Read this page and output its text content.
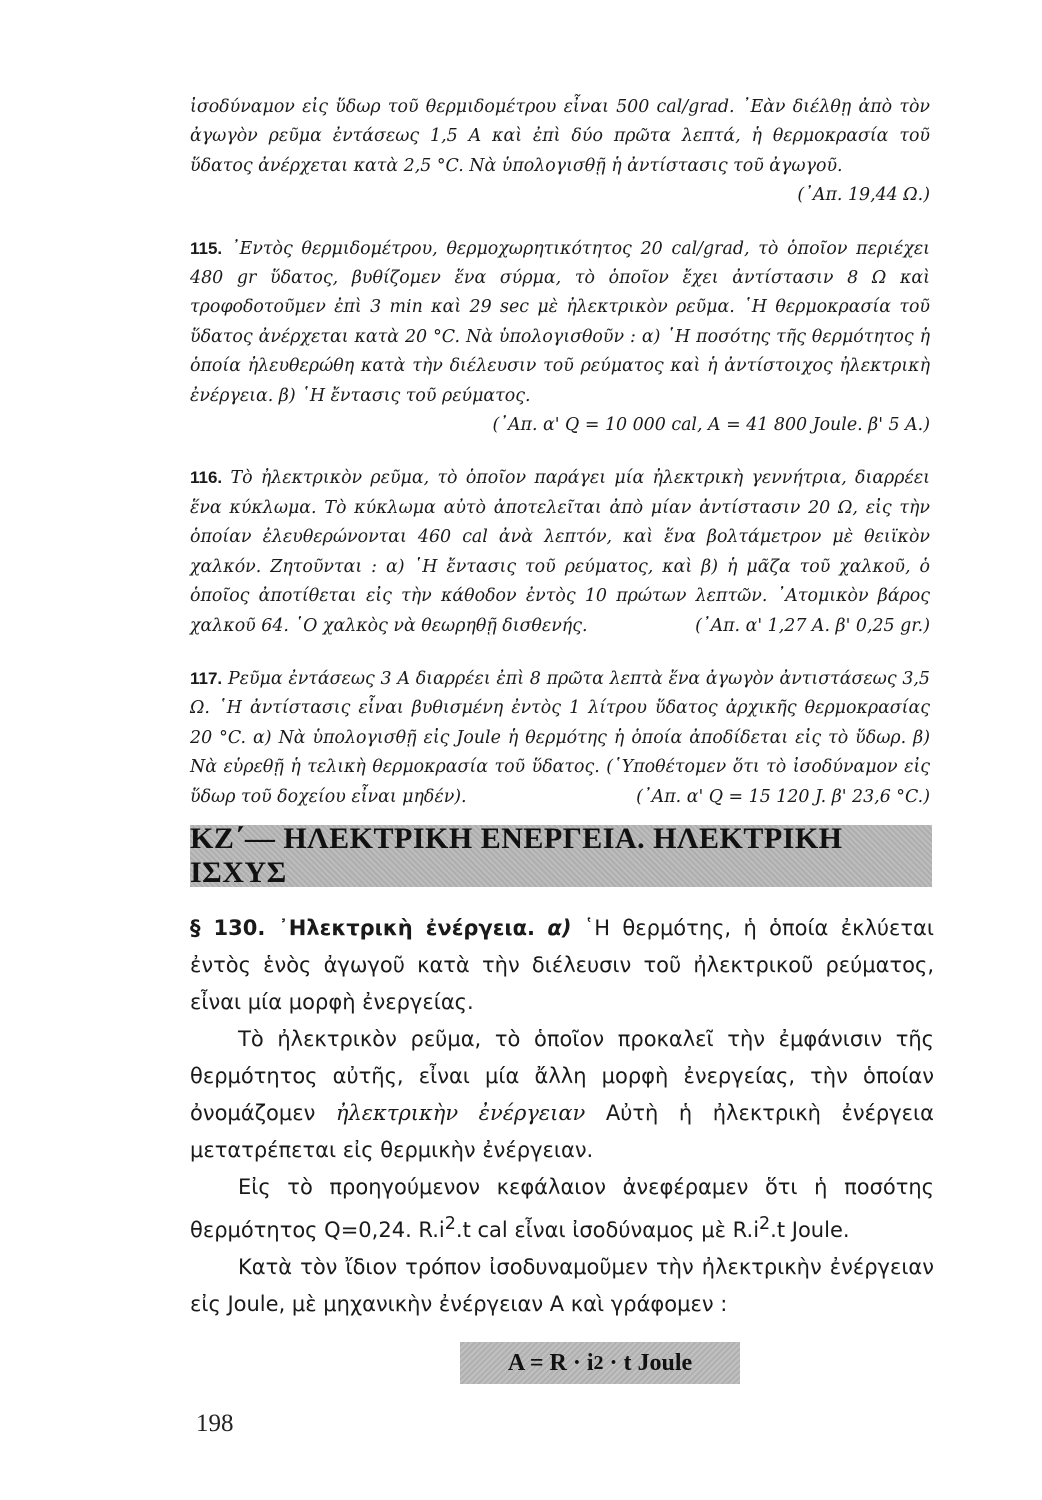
ἰσοδύναμον εἰς ὕδωρ τοῦ θερμιδομέτρου εἶναι 500 cal/grad. ᾿Εὰν διέλθῃ ἀπὸ τὸν ἀγωγὸν ρεῦμα ἐντάσεως 1,5 A καὶ ἐπὶ δύο πρῶτα λεπτά, ἡ θερμοκρασία τοῦ ὕδατος ἀνέρχεται κατὰ 2,5 °C. Νὰ ὑπολογισθῇ ἡ ἀντίστασις τοῦ ἀγωγοῦ.
(᾿Απ. 19,44 Ω.)

115. ᾿Εντὸς θερμιδομέτρου, θερμοχωρητικότητος 20 cal/grad, τὸ ὁποῖον περιέχει 480 gr ὕδατος, βυθίζομεν ἕνα σύρμα, τὸ ὁποῖον ἔχει ἀντίστασιν 8 Ω καὶ τροφοδοτοῦμεν ἐπὶ 3 min καὶ 29 sec μὲ ἠλεκτρικὸν ρεῦμα. ῾Η θερμοκρασία τοῦ ὕδατος ἀνέρχεται κατὰ 20 °C. Νὰ ὑπολογισθοῦν : α) ῾Η ποσότης τῆς θερμότητος ἡ ὁποία ἠλευθερώθη κατὰ τὴν διέλευσιν τοῦ ρεύματος καὶ ἡ ἀντίστοιχος ἠλεκτρικὴ ἐνέργεια. β) ῾Η ἔντασις τοῦ ρεύματος.
(᾿Απ. α' Q = 10 000 cal, A = 41 800 Joule. β' 5 A.)

116. Τὸ ἠλεκτρικὸν ρεῦμα, τὸ ὁποῖον παράγει μία ἠλεκτρικὴ γεννήτρια, διαρρέει ἕνα κύκλωμα. Τὸ κύκλωμα αὐτὸ ἀποτελεῖται ἀπὸ μίαν ἀντίστασιν 20 Ω, εἰς τὴν ὁποίαν ἐλευθερώνονται 460 cal ἀνὰ λεπτόν, καὶ ἕνα βολτάμετρον μὲ θειϊκὸν χαλκόν. Ζητοῦνται : α) ῾Η ἔντασις τοῦ ρεύματος, καὶ β) ἡ μᾶζα τοῦ χαλκοῦ, ὁ ὁποῖος ἀποτίθεται εἰς τὴν κάθοδον ἐντὸς 10 πρώτων λεπτῶν. ᾿Ατομικὸν βάρος χαλκοῦ 64. ῾Ο χαλκὸς νὰ θεωρηθῇ δισθενής.	(᾿Απ. α' 1,27 A. β' 0,25 gr.)

117. Ρεῦμα ἐντάσεως 3 A διαρρέει ἐπὶ 8 πρῶτα λεπτὰ ἕνα ἀγωγὸν ἀντιστάσεως 3,5 Ω. ῾Η ἀντίστασις εἶναι βυθισμένη ἐντὸς 1 λίτρου ὕδατος ἀρχικῆς θερμοκρασίας 20 °C. α) Νὰ ὑπολογισθῇ εἰς Joule ἡ θερμότης ἡ ὁποία ἀποδίδεται εἰς τὸ ὕδωρ. β) Νὰ εὑρεθῇ ἡ τελικὴ θερμοκρασία τοῦ ὕδατος. (῾Υποθέτομεν ὅτι τὸ ἰσοδύναμον εἰς ὕδωρ τοῦ δοχείου εἶναι μηδέν).	(᾿Απ. α' Q = 15 120 J. β' 23,6 °C.)

ΚΖ΄— ΗΛΕΚΤΡΙΚΗ ΕΝΕΡΓΕΙΑ. ΗΛΕΚΤΡΙΚΗ ΙΣΧΥΣ

§ 130. ᾿Ηλεκτρικὴ ἐνέργεια. α) ῾Η θερμότης, ἡ ὁποία ἐκλύεται ἐντὸς ἑνὸς ἀγωγοῦ κατὰ τὴν διέλευσιν τοῦ ἠλεκτρικοῦ ρεύματος, εἶναι μία μορφὴ ἐνεργείας.

Τὸ ἠλεκτρικὸν ρεῦμα, τὸ ὁποῖον προκαλεῖ τὴν ἐμφάνισιν τῆς θερμότητος αὐτῆς, εἶναι μία ἄλλη μορφὴ ἐνεργείας, τὴν ὁποίαν ὀνομάζομεν ἠλεκτρικὴν ἐνέργειαν Αὐτὴ ἡ ἠλεκτρικὴ ἐνέργεια μετατρέπεται εἰς θερμικὴν ἐνέργειαν.

Εἰς τὸ προηγούμενον κεφάλαιον ἀνεφέραμεν ὅτι ἡ ποσότης θερμότητος Q=0,24. $R.i^2.t$ cal εἶναι ἰσοδύναμος μὲ $R.i^2.t$ Joule.

Κατὰ τὸν ἴδιον τρόπον ἰσοδυναμοῦμεν τὴν ἠλεκτρικὴν ἐνέργειαν εἰς Joule, μὲ μηχανικὴν ἐνέργειαν A καὶ γράφομεν :

A = R · i 2
· t Joule
198
